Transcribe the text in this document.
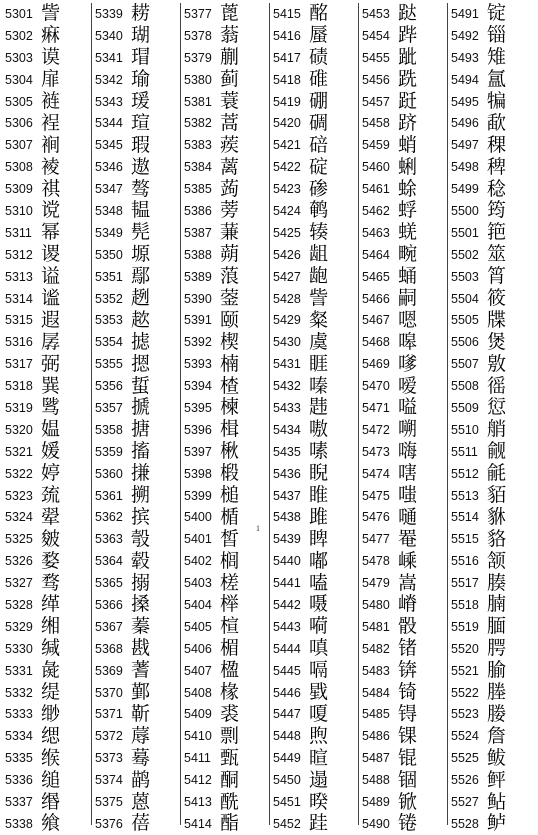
5301 訾
5302 痳
5303 谟
5304 扉
5305 裢
5306 裎
5307 裥
5308 裬
5309 祺
5310 谠
5311 幂
5312 谡
5313 谥
5314 谧
5315 遐
5316 孱
5317 弼
5318 巽
5319 骘
5320 媪
5321 媛
5322 婷
5323 巯
5324 翚
5325 皴
5326 婺
5327 骛
5328 缂
5329 缃
5330 缄
5331 彘
5332 缇
5333 缈
5334 缌
5335 缑
5336 缒
5337 缗
5338 飨
5339 耢
5340 瑚
5341 瑁
5342 瑜
5343 瑗
5344 瑄
5345 瑕
5346 遨
5347 骜
5348 韫
5349 髡
5350 塬
5351 鄢
5352 趔
5353 趑
5354 摅
5355 摁
5356 蜇
5357 搋
5358 搪
5359 搐
5360 搛
5361 搠
5362 摈
5363 彀
5364 毂
5365 搦
5366 搡
5367 蓁
5368 戡
5369 蓍
5370 鄞
5371 靳
5372 蓐
5373 蓦
5374 鹋
5375 蒽
5376 蓓
5377 蓖
5378 蓊
5379 蒯
5380 蓟
5381 蓑
5382 蒿
5383 蒺
5384 蓠
5385 蒟
5386 蒡
5387 蒹
5388 蒴
5389 蒗
5390 蓥
5391 颐
5392 楔
5393 楠
5394 楂
5395 楝
5396 楫
5397 楸
5398 椴
5399 槌
5400 楯
5401 皙
5402 榈
5403 槎
5404 榉
5405 楦
5406 楣
5407 楹
5408 椽
5409 裘
5410 剽
5411 甄
5412 酮
5413 酰
5414 酯
5415 酩
5416 蜃
5417 碛
5418 碓
5419 硼
5420 碉
5421 碚
5422 碇
5423 碜
5424 鹌
5425 辏
5426 龃
5427 龅
5428 訾
5429 粲
5430 虞
5431 睚
5432 嗪
5433 韪
5434 嗷
5435 嗉
5436 睨
5437 睢
5438 雎
5439 睥
5440 嘟
5441 嗑
5442 嗫
5443 嗬
5444 嗔
5445 嗝
5446 戥
5447 嗄
5448 煦
5449 暄
5450 遢
5451 暌
5452 跬
5453 跶
5454 跸
5455 跐
5456 跣
5457 跹
5458 跻
5459 蛸
5460 蜊
5461 蜍
5462 蜉
5463 蜣
5464 畹
5465 蛹
5466 嗣
5467 嗯
5468 嗥
5469 嗲
5470 嗳
5471 嗌
5472 嗍
5473 嗨
5474 嗐
5475 嗤
5476 嗵
5477 罨
5478 嵊
5479 嵩
5480 嵴
5481 骰
5482 锗
5483 锛
5484 锜
5485 锝
5486 锞
5487 锟
5488 锢
5489 锨
5490 锩
5491 锭
5492 锱
5493 雉
5494 氲
5495 犏
5496 歃
5497 稞
5498 稗
5499 稔
5500 筠
5501 筢
5502 筮
5503 筲
5504 筱
5505 牒
5506 煲
5507 敫
5508 徭
5509 愆
5510 艄
5511 觎
5512 毹
5513 貊
5514 貅
5515 貉
5516 颔
5517 腠
5518 腩
5519 腼
5520 腭
5521 腧
5522 塍
5523 媵
5524 詹
5525 鲅
5526 鲆
5527 鲇
5528 鲈
1
